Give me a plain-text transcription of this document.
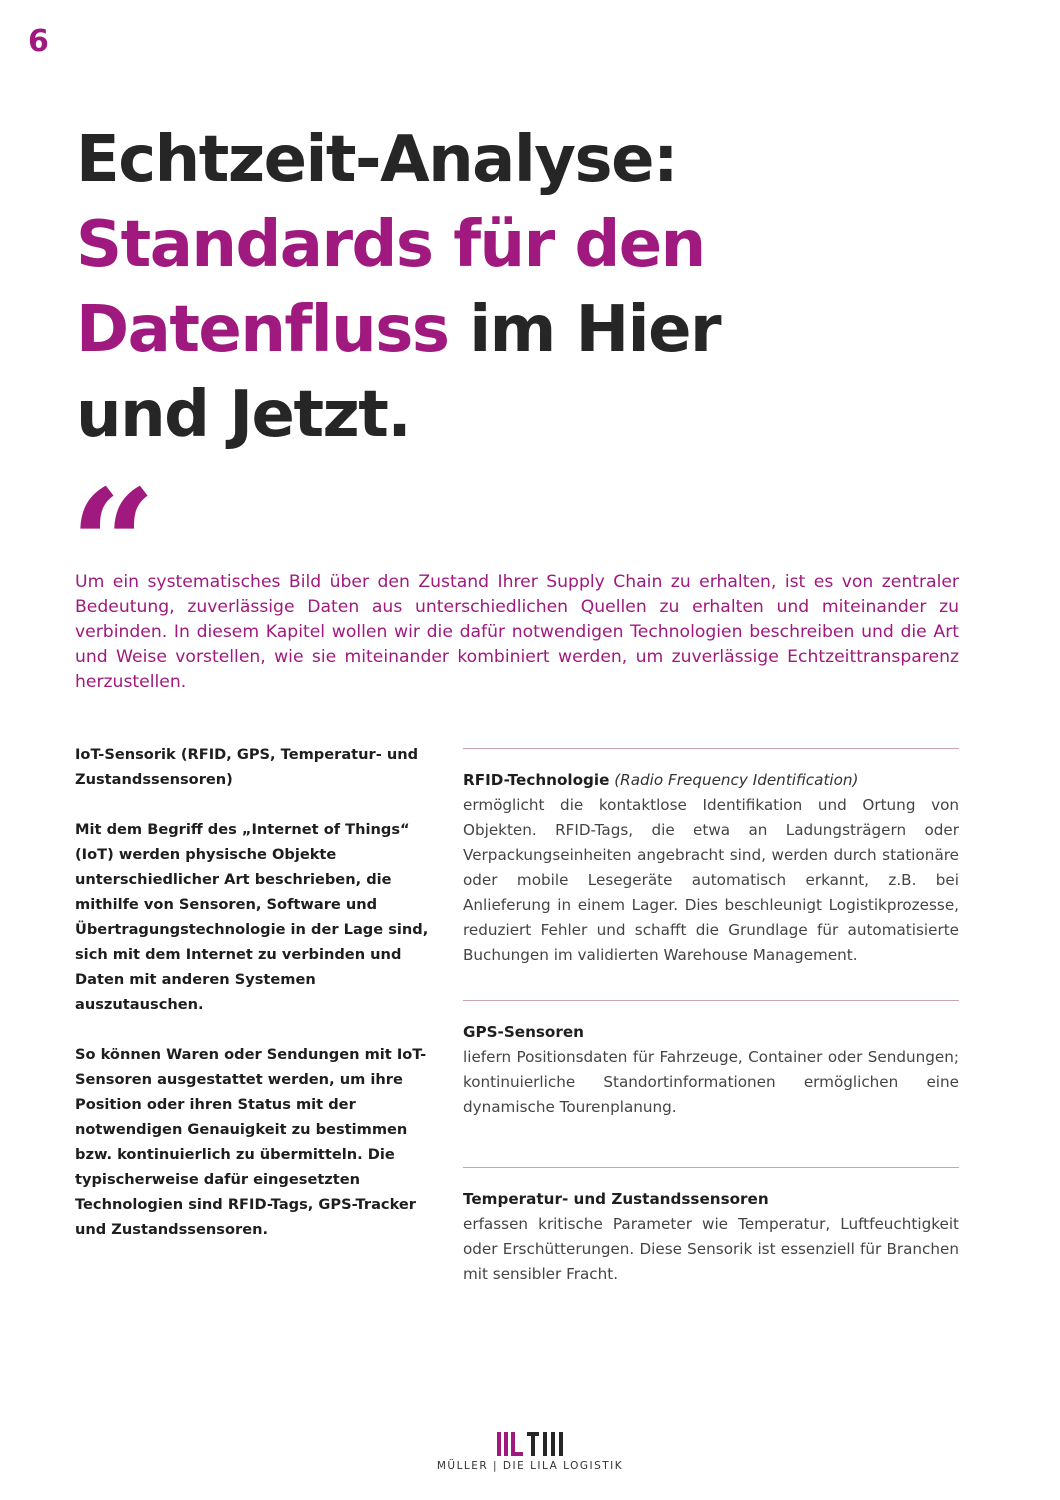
6
Echtzeit-Analyse:
Standards für den
Datenfluss im Hier
und Jetzt.
“

Um ein systematisches Bild über den Zustand Ihrer Supply Chain zu erhalten, ist es von zentraler Bedeutung, zuverlässige Daten aus unterschiedlichen Quellen zu erhalten und miteinander zu verbinden. In diesem Kapitel wollen wir die dafür notwendigen Technologien beschreiben und die Art und Weise vorstellen, wie sie miteinander kombiniert werden, um zuverlässige Echtzeittransparenz herzustellen.

IoT-Sensorik (RFID, GPS, Temperatur- und Zustandssensoren)

Mit dem Begriff des „Internet of Things“ (IoT) werden physische Objekte unterschiedlicher Art beschrieben, die mithilfe von Sensoren, Software und Übertragungstechnologie in der Lage sind, sich mit dem Internet zu verbinden und Daten mit anderen Systemen auszutauschen.

So können Waren oder Sendungen mit IoT-Sensoren ausgestattet werden, um ihre Position oder ihren Status mit der notwendigen Genauigkeit zu bestimmen bzw. kontinuierlich zu übermitteln. Die typischerweise dafür eingesetzten Technologien sind RFID-Tags, GPS-Tracker und Zustandssensoren.

RFID-Technologie (Radio Frequency Identification)

ermöglicht die kontaktlose Identifikation und Ortung von Objekten. RFID-Tags, die etwa an Ladungsträgern oder Verpackungseinheiten angebracht sind, werden durch stationäre oder mobile Lesegeräte automatisch erkannt, z.B. bei Anlieferung in einem Lager. Dies beschleunigt Logistikprozesse, reduziert Fehler und schafft die Grundlage für automatisierte Buchungen im validierten Warehouse Management.

GPS-Sensoren

liefern Positionsdaten für Fahrzeuge, Container oder Sendungen; kontinuierliche Standortinformationen ermöglichen eine dynamische Tourenplanung.

Temperatur- und Zustandssensoren

erfassen kritische Parameter wie Temperatur, Luftfeuchtigkeit oder Erschütterungen. Diese Sensorik ist essenziell für Branchen mit sensibler Fracht.

MÜLLER | DIE LILA LOGISTIK
